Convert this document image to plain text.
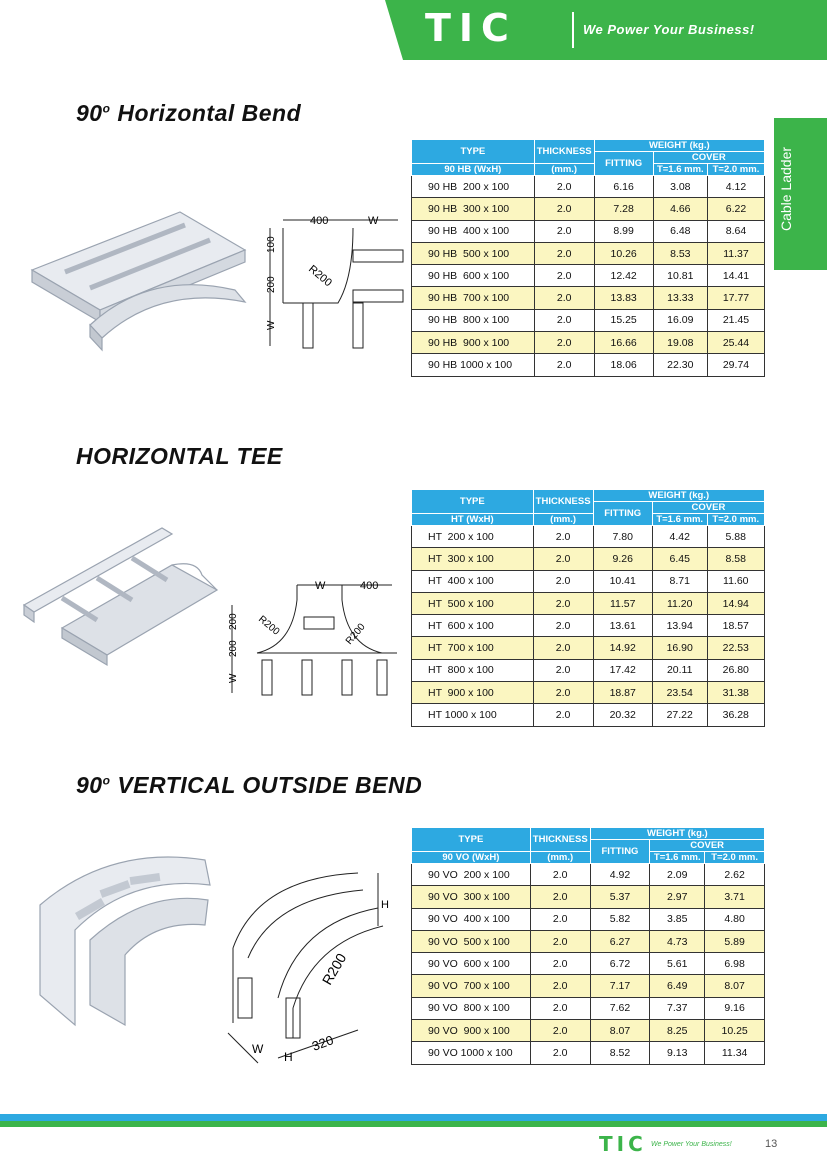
TIC	We Power Your Business!
Cable Ladder
90$^o$ Horizontal Bend
400	W
100
200	R200
W
TYPE	THICKNESS	WEIGHT (kg.)		
		FITTING	COVER	
90 HB (WxH)	(mm.)		T=1.6 mm.	T=2.0 mm.
90 HB  200 x 100	2.0	6.16	3.08	4.12
90 HB  300 x 100	2.0	7.28	4.66	6.22
90 HB  400 x 100	2.0	8.99	6.48	8.64
90 HB  500 x 100	2.0	10.26	8.53	11.37
90 HB  600 x 100	2.0	12.42	10.81	14.41
90 HB  700 x 100	2.0	13.83	13.33	17.77
90 HB  800 x 100	2.0	15.25	16.09	21.45
90 HB  900 x 100	2.0	16.66	19.08	25.44
90 HB 1000 x 100	2.0	18.06	22.30	29.74
HORIZONTAL TEE
W	400
200
200
R200	R200
W
TYPE	THICKNESS	WEIGHT (kg.)		
		FITTING	COVER	
HT (WxH)	(mm.)		T=1.6 mm.	T=2.0 mm.
HT  200 x 100	2.0	7.80	4.42	5.88
HT  300 x 100	2.0	9.26	6.45	8.58
HT  400 x 100	2.0	10.41	8.71	11.60
HT  500 x 100	2.0	11.57	11.20	14.94
HT  600 x 100	2.0	13.61	13.94	18.57
HT  700 x 100	2.0	14.92	16.90	22.53
HT  800 x 100	2.0	17.42	20.11	26.80
HT  900 x 100	2.0	18.87	23.54	31.38
HT 1000 x 100	2.0	20.32	27.22	36.28
90$^o$ VERTICAL OUTSIDE BEND
H
R200
W
H
320
TYPE	THICKNESS	WEIGHT (kg.)		
		FITTING	COVER	
90 VO (WxH)	(mm.)		T=1.6 mm.	T=2.0 mm.
90 VO  200 x 100	2.0	4.92	2.09	2.62
90 VO  300 x 100	2.0	5.37	2.97	3.71
90 VO  400 x 100	2.0	5.82	3.85	4.80
90 VO  500 x 100	2.0	6.27	4.73	5.89
90 VO  600 x 100	2.0	6.72	5.61	6.98
90 VO  700 x 100	2.0	7.17	6.49	8.07
90 VO  800 x 100	2.0	7.62	7.37	9.16
90 VO  900 x 100	2.0	8.07	8.25	10.25
90 VO 1000 x 100	2.0	8.52	9.13	11.34
TIC We Power Your Business!	13
